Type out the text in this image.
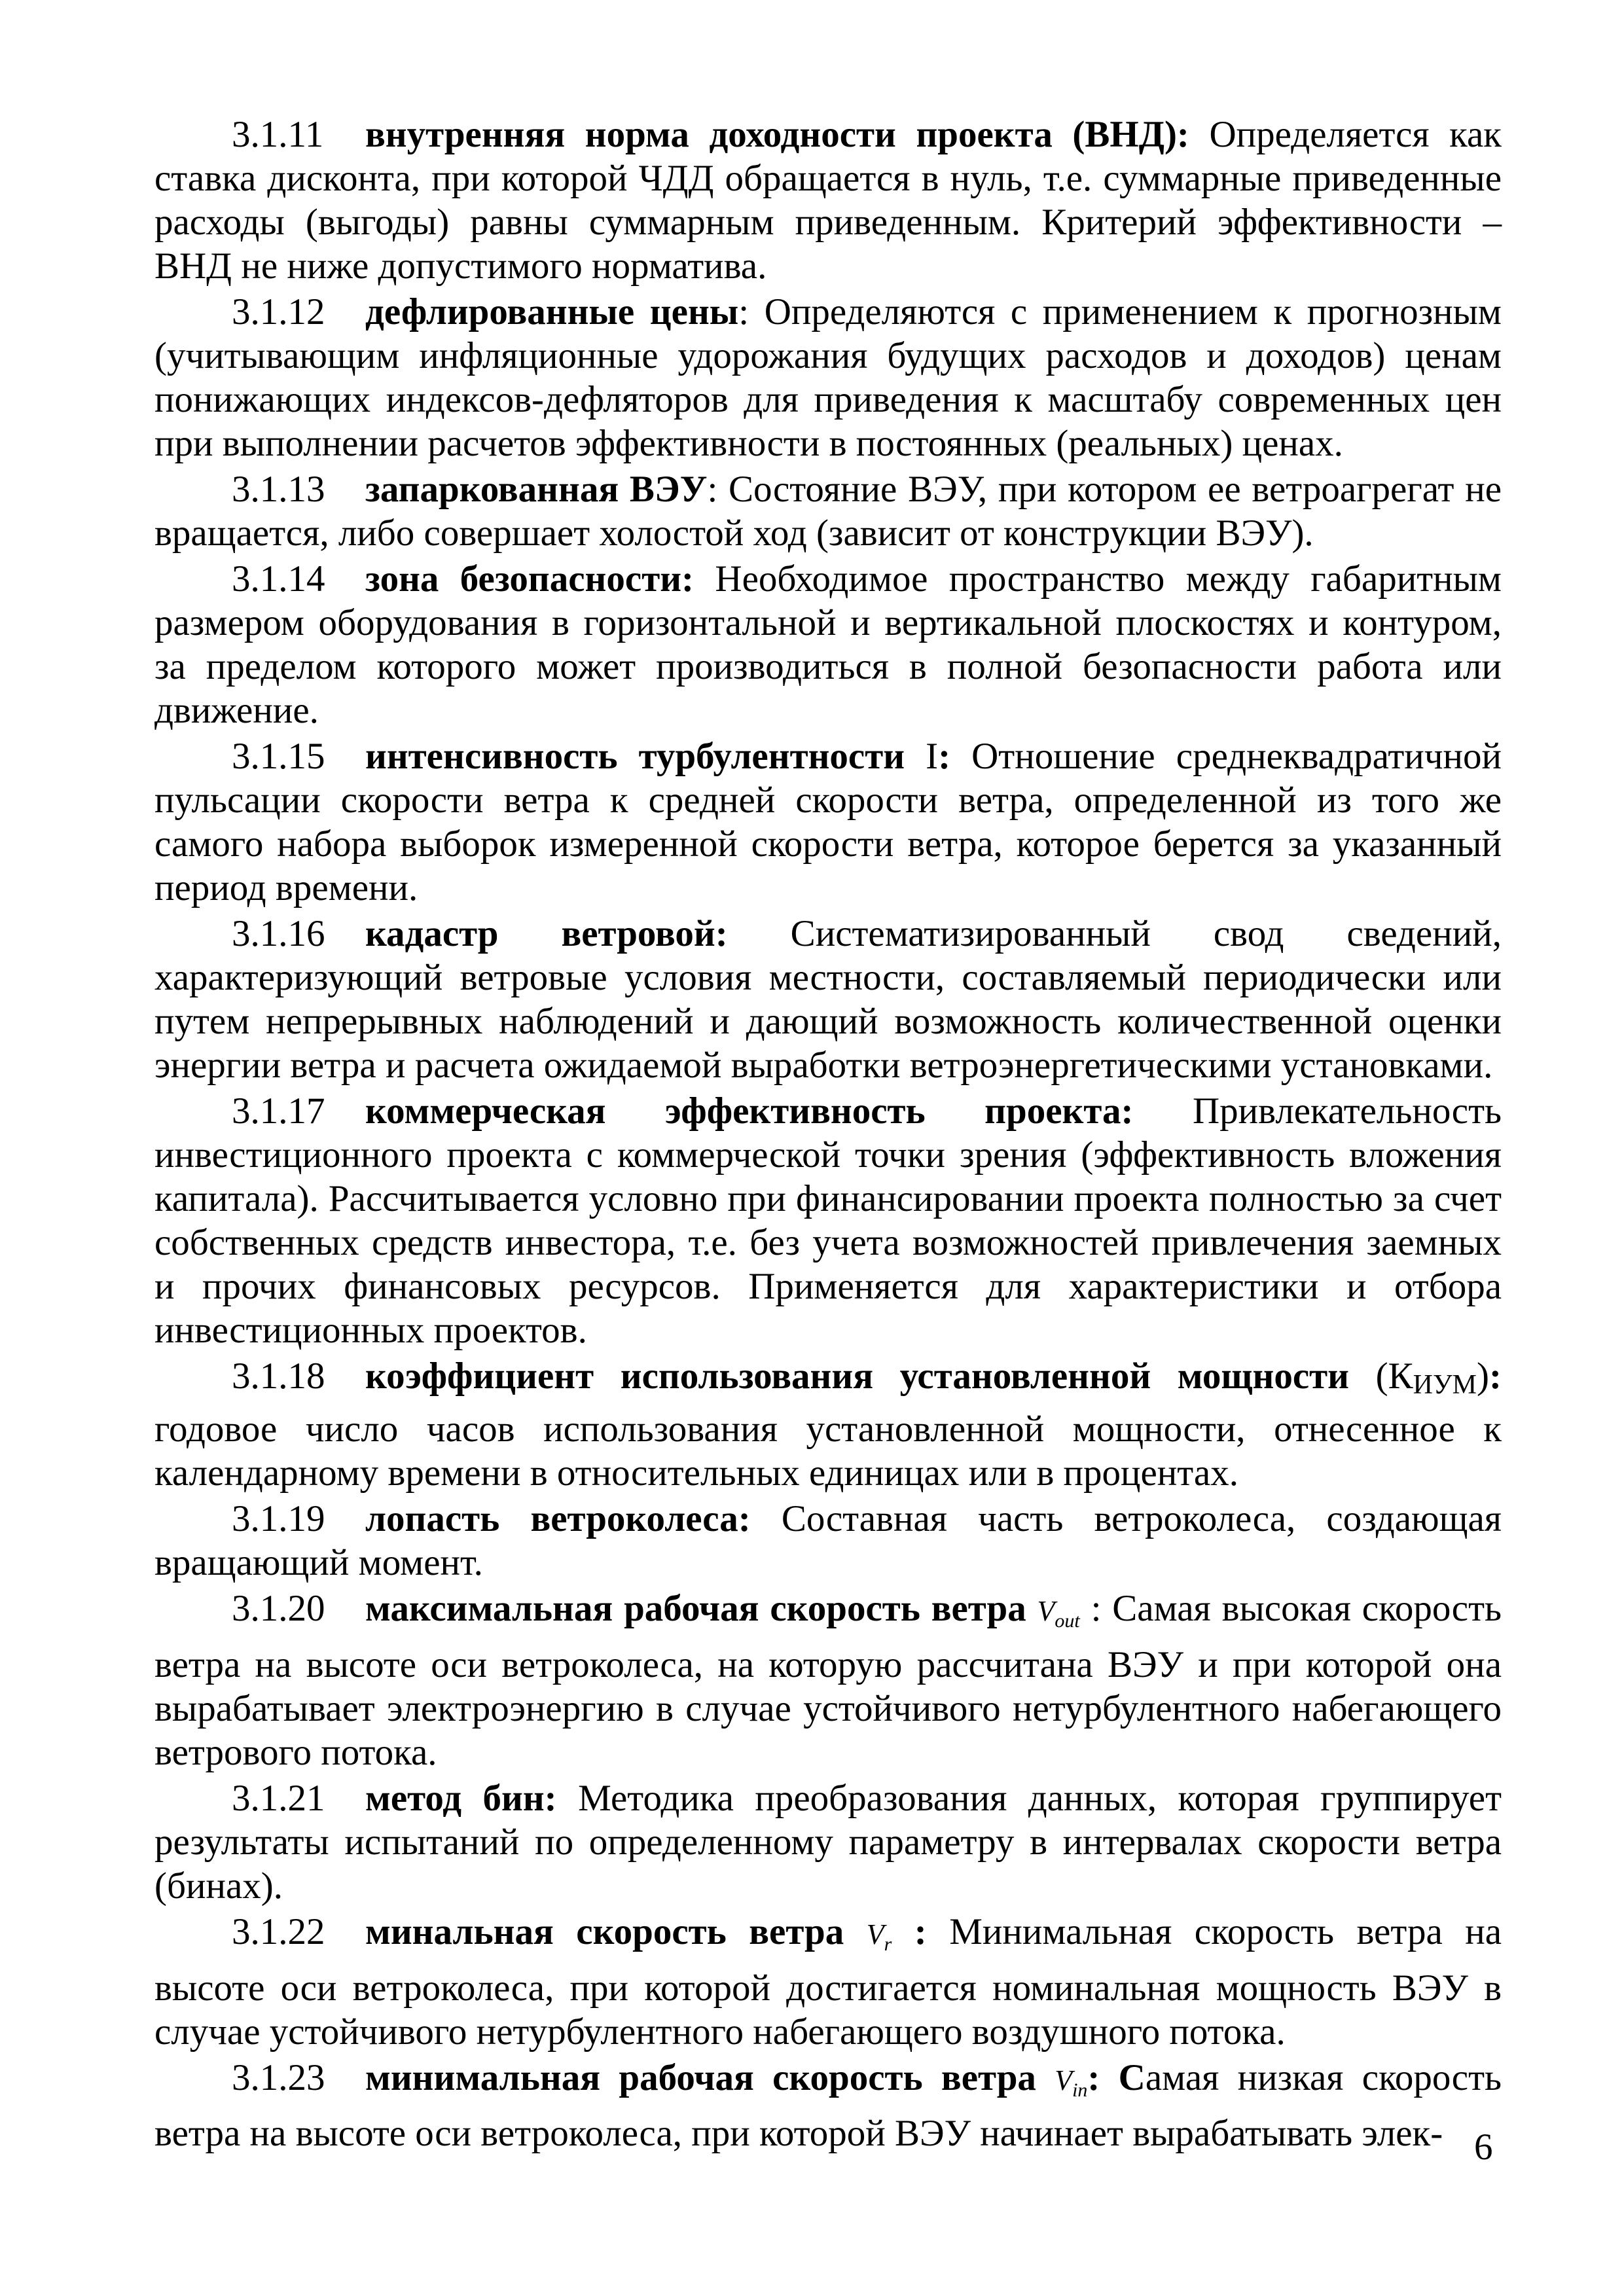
3.1.11 внутренняя норма доходности проекта (ВНД): Определяется как ставка дисконта, при которой ЧДД обращается в нуль, т.е. суммарные приведенные расходы (выгоды) равны суммарным приведенным. Критерий эффективности – ВНД не ниже допустимого норматива.

3.1.12 дефлированные цены: Определяются с применением к прогнозным (учитывающим инфляционные удорожания будущих расходов и доходов) ценам понижающих индексов-дефляторов для приведения к масштабу современных цен при выполнении расчетов эффективности в постоянных (реальных) ценах.

3.1.13 запаркованная ВЭУ: Состояние ВЭУ, при котором ее ветроагрегат не вращается, либо совершает холостой ход (зависит от конструкции ВЭУ).

3.1.14 зона безопасности: Необходимое пространство между габаритным размером оборудования в горизонтальной и вертикальной плоскостях и контуром, за пределом которого может производиться в полной безопасности работа или движение.

3.1.15 интенсивность турбулентности I: Отношение среднеквадратичной пульсации скорости ветра к средней скорости ветра, определенной из того же самого набора выборок измеренной скорости ветра, которое берется за указанный период времени.

3.1.16 кадастр ветровой: Систематизированный свод сведений, характеризующий ветровые условия местности, составляемый периодически или путем непрерывных наблюдений и дающий возможность количественной оценки энергии ветра и расчета ожидаемой выработки ветроэнергетическими установками.

3.1.17 коммерческая эффективность проекта: Привлекательность инвестиционного проекта с коммерческой точки зрения (эффективность вложения капитала). Рассчитывается условно при финансировании проекта полностью за счет собственных средств инвестора, т.е. без учета возможностей привлечения заемных и прочих финансовых ресурсов. Применяется для характеристики и отбора инвестиционных проектов.

3.1.18 коэффициент использования установленной мощности (КИУМ): годовое число часов использования установленной мощности, отнесенное к календарному времени в относительных единицах или в процентах.

3.1.19 лопасть ветроколеса: Составная часть ветроколеса, создающая вращающий момент.

3.1.20 максимальная рабочая скорость ветра $V_{out}$ : Самая высокая скорость ветра на высоте оси ветроколеса, на которую рассчитана ВЭУ и при которой она вырабатывает электроэнергию в случае устойчивого нетурбулентного набегающего ветрового потока.

3.1.21 метод бин: Методика преобразования данных, которая группирует результаты испытаний по определенному параметру в интервалах скорости ветра (бинах).

3.1.22 минальная скорость ветра $V_r$ : Минимальная скорость ветра на высоте оси ветроколеса, при которой достигается номинальная мощность ВЭУ в случае устойчивого нетурбулентного набегающего воздушного потока.

3.1.23 минимальная рабочая скорость ветра $V_{in}$: Самая низкая скорость ветра на высоте оси ветроколеса, при которой ВЭУ начинает вырабатывать элек- 6
